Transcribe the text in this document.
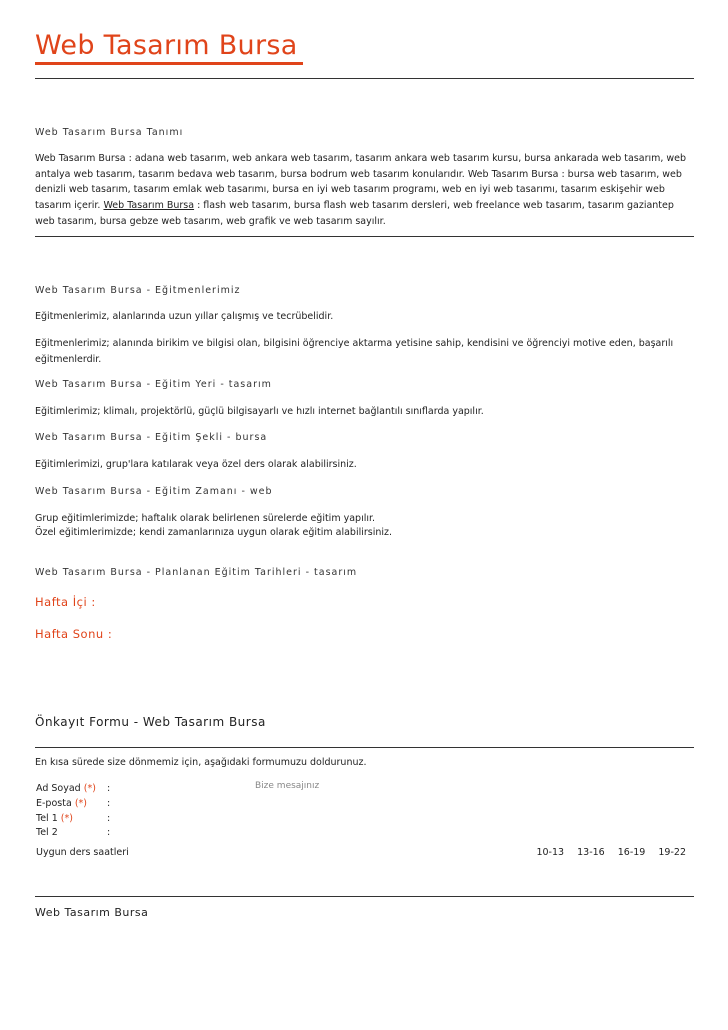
Web Tasarım Bursa
Web Tasarım Bursa Tanımı
Web Tasarım Bursa : adana web tasarım, web ankara web tasarım, tasarım ankara web tasarım kursu, bursa ankarada web tasarım, web antalya web tasarım, tasarım bedava web tasarım, bursa bodrum web tasarım konularıdır. Web Tasarım Bursa : bursa web tasarım, web denizli web tasarım, tasarım emlak web tasarımı, bursa en iyi web tasarım programı, web en iyi web tasarımı, tasarım eskişehir web tasarım içerir. Web Tasarım Bursa : flash web tasarım, bursa flash web tasarım dersleri, web freelance web tasarım, tasarım gaziantep web tasarım, bursa gebze web tasarım, web grafik ve web tasarım sayılır.
Web Tasarım Bursa - Eğitmenlerimiz
Eğitmenlerimiz, alanlarında uzun yıllar çalışmış ve tecrübelidir.
Eğitmenlerimiz; alanında birikim ve bilgisi olan, bilgisini öğrenciye aktarma yetisine sahip, kendisini ve öğrenciyi motive eden, başarılı eğitmenlerdir.
Web Tasarım Bursa - Eğitim Yeri - tasarım
Eğitimlerimiz; klimalı, projektörlü, güçlü bilgisayarlı ve hızlı internet bağlantılı sınıflarda yapılır.
Web Tasarım Bursa - Eğitim Şekli - bursa
Eğitimlerimizi, grup'lara katılarak veya özel ders olarak alabilirsiniz.
Web Tasarım Bursa - Eğitim Zamanı - web
Grup eğitimlerimizde; haftalık olarak belirlenen sürelerde eğitim yapılır.
Özel eğitimlerimizde; kendi zamanlarınıza uygun olarak eğitim alabilirsiniz.
Web Tasarım Bursa - Planlanan Eğitim Tarihleri - tasarım
Hafta İçi :
Hafta Sonu :
Önkayıt Formu - Web Tasarım Bursa
En kısa sürede size dönmemiz için, aşağıdaki formumuzu doldurunuz.
Ad Soyad (*) :
E-posta (*) :
Tel 1 (*)	:
Tel 2	:
Bize mesajınız
Uygun ders saatleri	10-13 13-16 16-19 19-22
Web Tasarım Bursa
